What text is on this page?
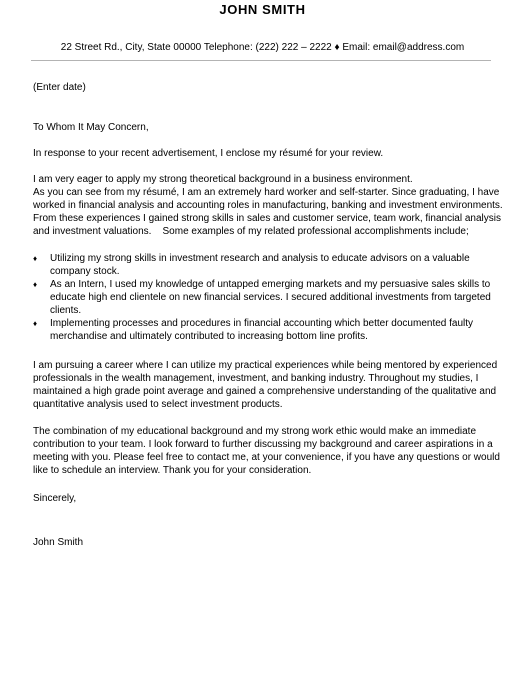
JOHN SMITH

22 Street Rd., City, State 00000 Telephone: (222) 222 – 2222 ♦ Email: email@address.com

(Enter date)

To Whom It May Concern,

In response to your recent advertisement, I enclose my résumé for your review.

I am very eager to apply my strong theoretical background in a business environment.
As you can see from my résumé, I am an extremely hard worker and self-starter. Since graduating, I have
worked in financial analysis and accounting roles in manufacturing, banking and investment environments.
From these experiences I gained strong skills in sales and customer service, team work, financial analysis
and investment valuations.    Some examples of my related professional accomplishments include;
♦ Utilizing my strong skills in investment research and analysis to educate advisors on a valuable
company stock.
♦ As an Intern, I used my knowledge of untapped emerging markets and my persuasive sales skills to
educate high end clientele on new financial services. I secured additional investments from targeted
clients.
♦ Implementing processes and procedures in financial accounting which better documented faulty
merchandise and ultimately contributed to increasing bottom line profits.
I am pursuing a career where I can utilize my practical experiences while being mentored by experienced
professionals in the wealth management, investment, and banking industry. Throughout my studies, I
maintained a high grade point average and gained a comprehensive understanding of the qualitative and
quantitative analysis used to select investment products.
The combination of my educational background and my strong work ethic would make an immediate
contribution to your team. I look forward to further discussing my background and career aspirations in a
meeting with you. Please feel free to contact me, at your convenience, if you have any questions or would
like to schedule an interview. Thank you for your consideration.

Sincerely,

John Smith
